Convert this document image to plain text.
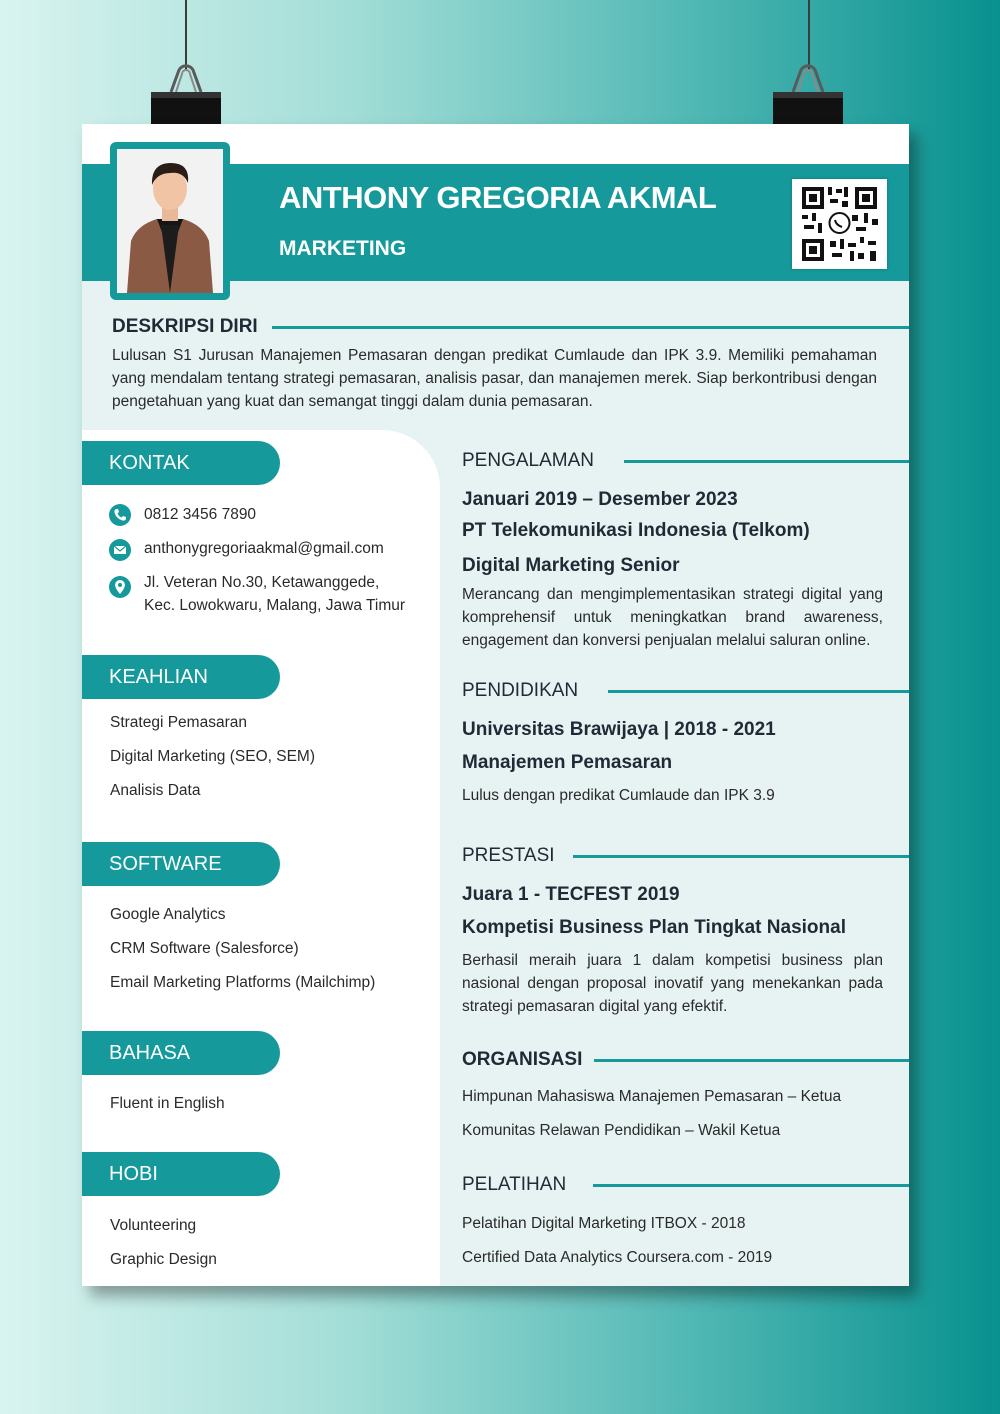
ANTHONY GREGORIA AKMAL
MARKETING
DESKRIPSI DIRI
Lulusan S1 Jurusan Manajemen Pemasaran dengan predikat Cumlaude dan IPK 3.9. Memiliki pemahaman yang mendalam tentang strategi pemasaran, analisis pasar, dan manajemen merek. Siap berkontribusi dengan pengetahuan yang kuat dan semangat tinggi dalam dunia pemasaran.
KONTAK
0812 3456 7890
anthonygregoriaakmal@gmail.com
Jl. Veteran No.30, Ketawanggede,
Kec. Lowokwaru, Malang, Jawa Timur
KEAHLIAN
Strategi Pemasaran
Digital Marketing (SEO, SEM)
Analisis Data
SOFTWARE
Google Analytics
CRM Software (Salesforce)
Email Marketing Platforms (Mailchimp)
BAHASA
Fluent in English
HOBI
Volunteering
Graphic Design
PENGALAMAN
Januari 2019 – Desember 2023
PT Telekomunikasi Indonesia (Telkom)
Digital Marketing Senior
Merancang dan mengimplementasikan strategi digital yang komprehensif untuk meningkatkan brand awareness, engagement dan konversi penjualan melalui saluran online.
PENDIDIKAN
Universitas Brawijaya | 2018 - 2021
Manajemen Pemasaran
Lulus dengan predikat Cumlaude dan IPK 3.9
PRESTASI
Juara 1 - TECFEST 2019
Kompetisi Business Plan Tingkat Nasional
Berhasil meraih juara 1 dalam kompetisi business plan nasional dengan proposal inovatif yang menekankan pada strategi pemasaran digital yang efektif.
ORGANISASI
Himpunan Mahasiswa Manajemen Pemasaran – Ketua
Komunitas Relawan Pendidikan – Wakil Ketua
PELATIHAN
Pelatihan Digital Marketing ITBOX - 2018
Certified Data Analytics Coursera.com - 2019
